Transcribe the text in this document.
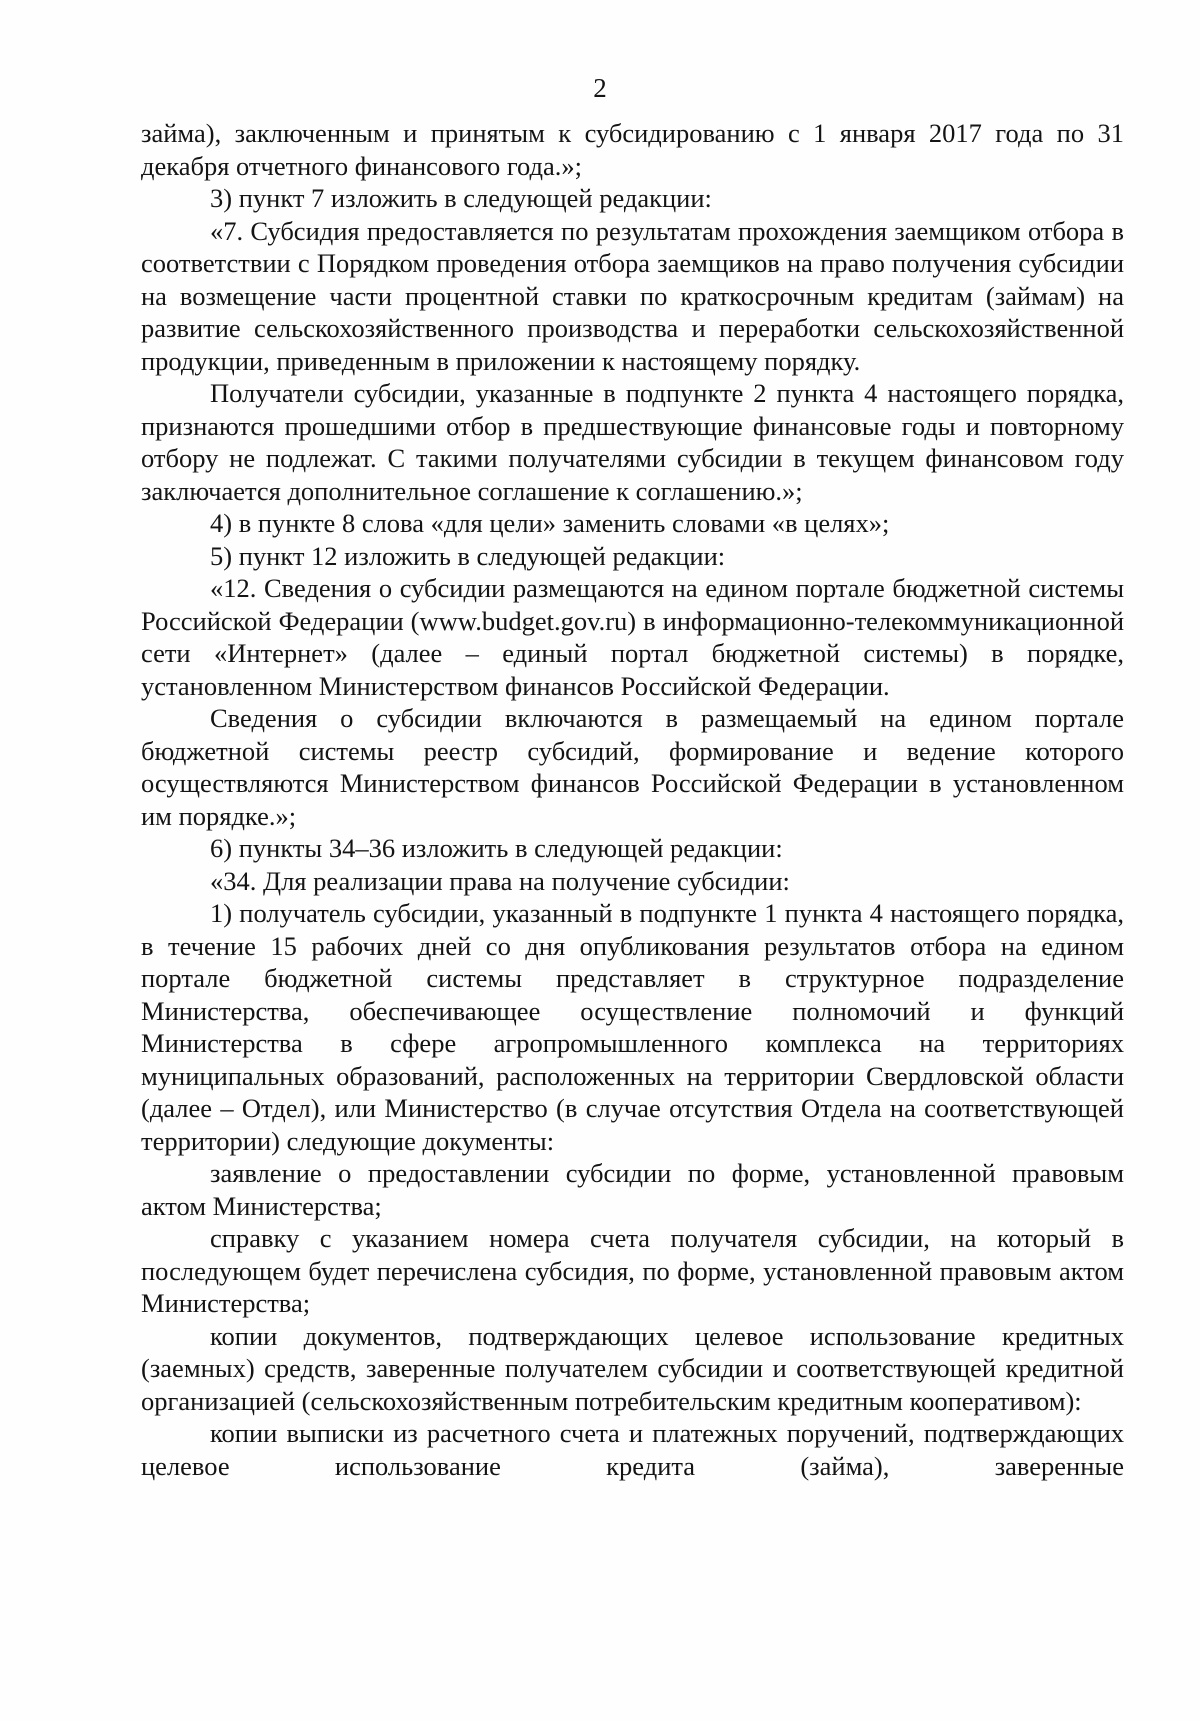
2

займа), заключенным и принятым к субсидированию с 1 января 2017 года по 31 декабря отчетного финансового года.»;

3) пункт 7 изложить в следующей редакции:

«7. Субсидия предоставляется по результатам прохождения заемщиком отбора в соответствии с Порядком проведения отбора заемщиков на право получения субсидии на возмещение части процентной ставки по краткосрочным кредитам (займам) на развитие сельскохозяйственного производства и переработки сельскохозяйственной продукции, приведенным в приложении к настоящему порядку.

Получатели субсидии, указанные в подпункте 2 пункта 4 настоящего порядка, признаются прошедшими отбор в предшествующие финансовые годы и повторному отбору не подлежат. С такими получателями субсидии в текущем финансовом году заключается дополнительное соглашение к соглашению.»;

4) в пункте 8 слова «для цели» заменить словами «в целях»;

5) пункт 12 изложить в следующей редакции:

«12. Сведения о субсидии размещаются на едином портале бюджетной системы Российской Федерации (www.budget.gov.ru) в информационно-телекоммуникационной сети «Интернет» (далее – единый портал бюджетной системы) в порядке, установленном Министерством финансов Российской Федерации.

Сведения о субсидии включаются в размещаемый на едином портале бюджетной системы реестр субсидий, формирование и ведение которого осуществляются Министерством финансов Российской Федерации в установленном им порядке.»;

6) пункты 34–36 изложить в следующей редакции:

«34. Для реализации права на получение субсидии:

1) получатель субсидии, указанный в подпункте 1 пункта 4 настоящего порядка, в течение 15 рабочих дней со дня опубликования результатов отбора на едином портале бюджетной системы представляет в структурное подразделение Министерства, обеспечивающее осуществление полномочий и функций Министерства в сфере агропромышленного комплекса на территориях муниципальных образований, расположенных на территории Свердловской области (далее – Отдел), или Министерство (в случае отсутствия Отдела на соответствующей территории) следующие документы:

заявление о предоставлении субсидии по форме, установленной правовым актом Министерства;

справку с указанием номера счета получателя субсидии, на который в последующем будет перечислена субсидия, по форме, установленной правовым актом Министерства;

копии документов, подтверждающих целевое использование кредитных (заемных) средств, заверенные получателем субсидии и соответствующей кредитной организацией (сельскохозяйственным потребительским кредитным кооперативом):

копии выписки из расчетного счета и платежных поручений, подтверждающих целевое использование кредита (займа), заверенные
